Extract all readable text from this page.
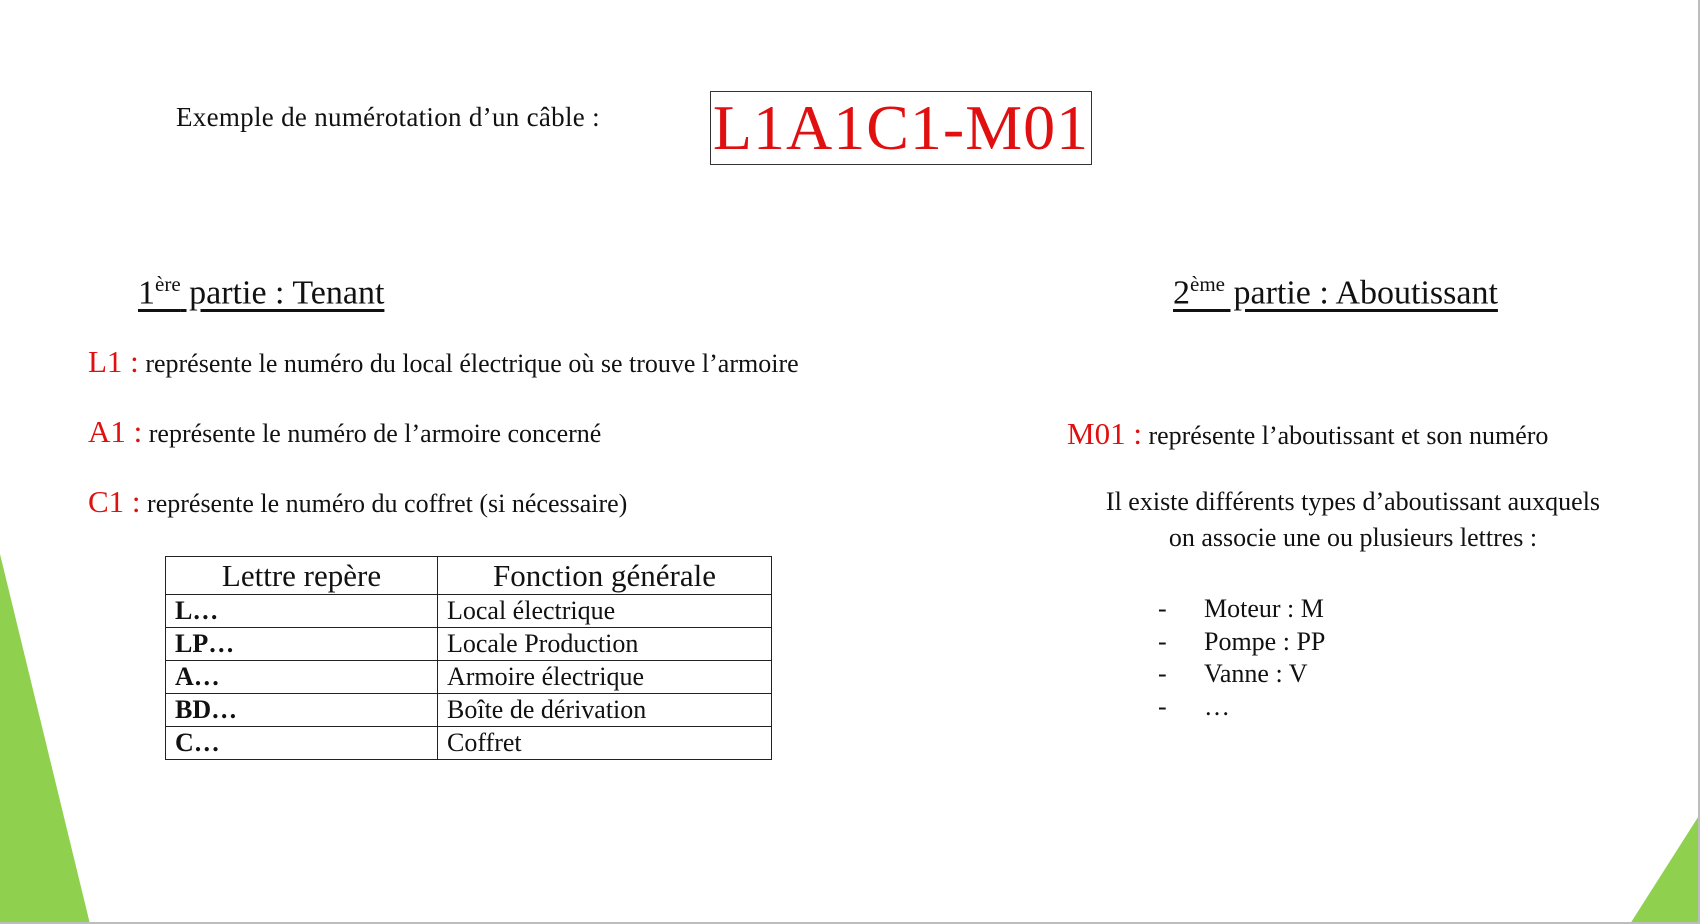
Exemple de numérotation d’un câble : L1A1C1-M01
1ère partie : Tenant	2ème partie : Aboutissant
L1 : représente le numéro du local électrique où se trouve l’armoire
A1 : représente le numéro de l’armoire concerné
C1 : représente le numéro du coffret (si nécessaire)
Lettre repère	Fonction générale
L…	Local électrique
LP…	Locale Production
A…	Armoire électrique
BD…	Boîte de dérivation
C…	Coffret
M01 : représente l’aboutissant et son numéro
Il existe différents types d’aboutissant auxquels
on associe une ou plusieurs lettres :
- Moteur : M
- Pompe : PP
- Vanne : V
- …
